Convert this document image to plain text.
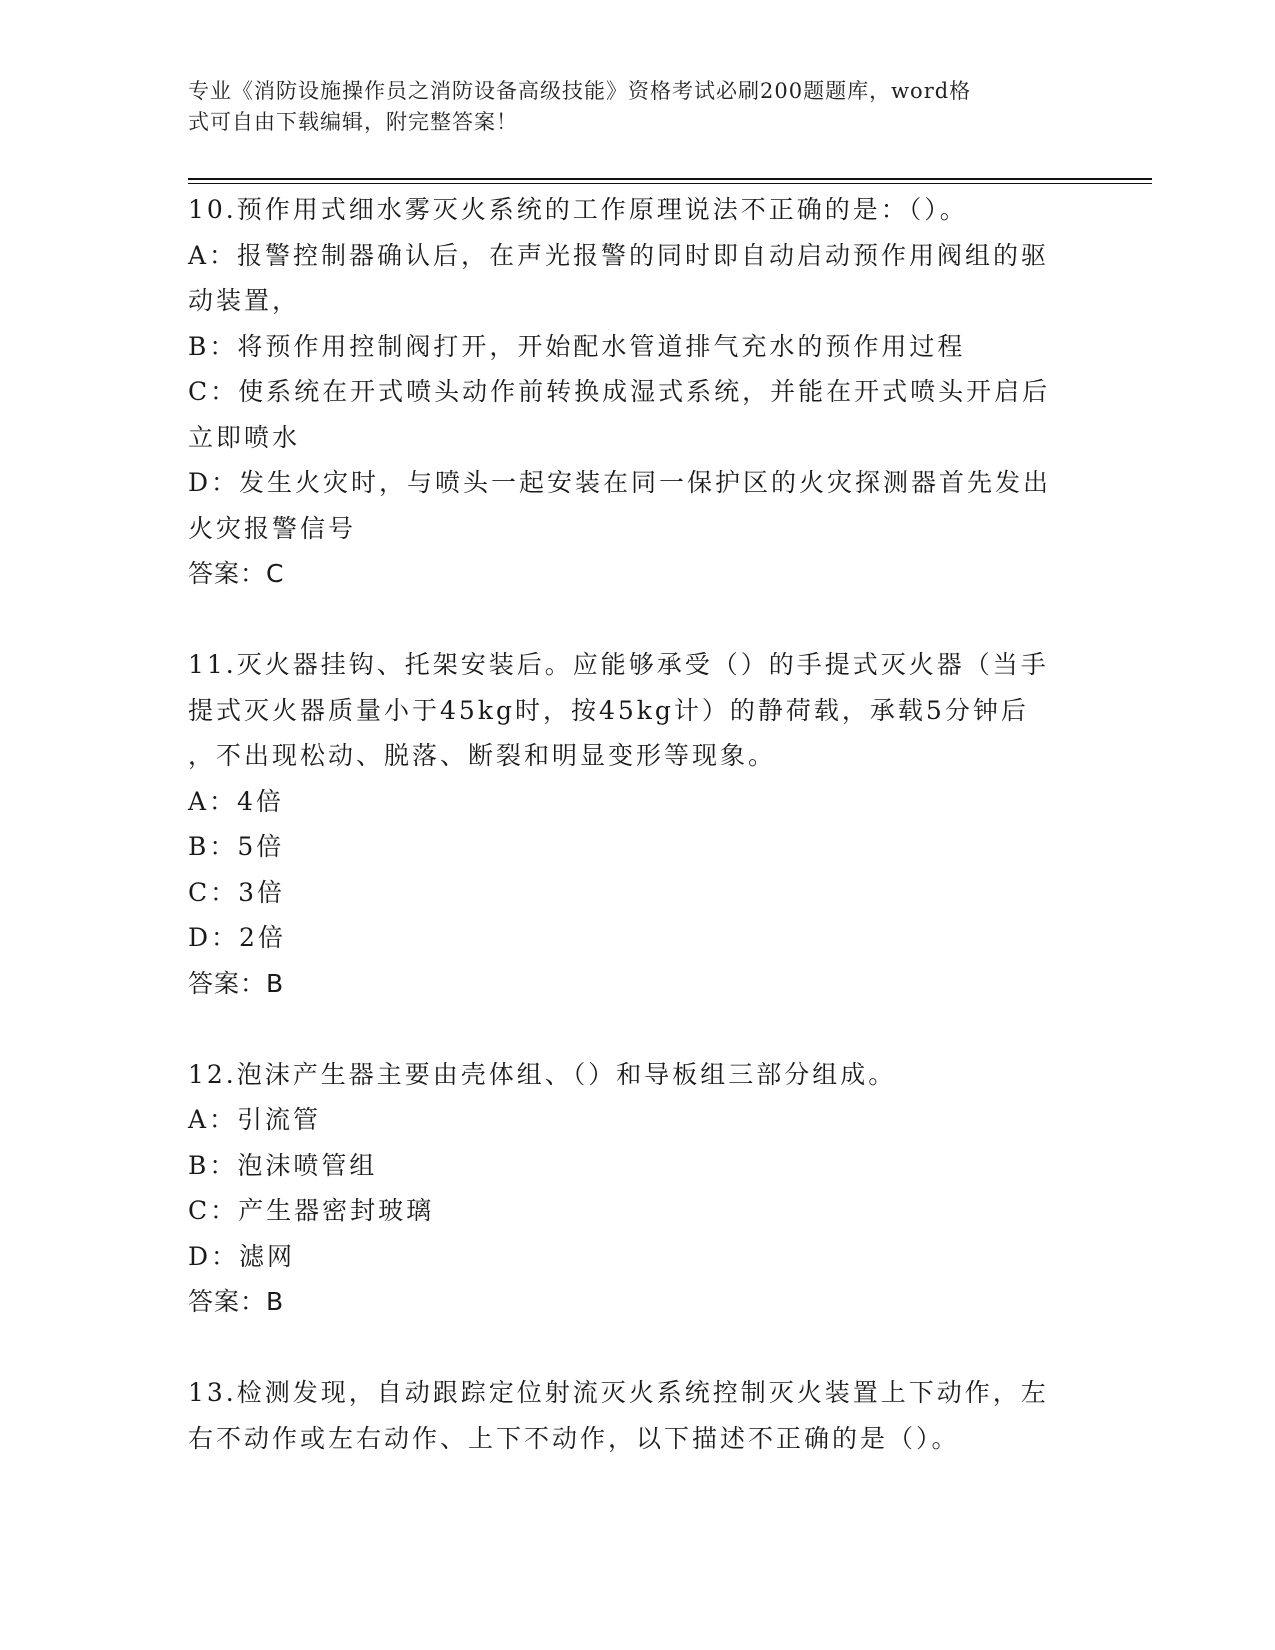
专业《消防设施操作员之消防设备高级技能》资格考试必刷200题题库，word格
式可自由下载编辑，附完整答案！
10.预作用式细水雾灭火系统的工作原理说法不正确的是：（）。
A：报警控制器确认后，在声光报警的同时即自动启动预作用阀组的驱
动装置，
B：将预作用控制阀打开，开始配水管道排气充水的预作用过程
C：使系统在开式喷头动作前转换成湿式系统，并能在开式喷头开启后
立即喷水
D：发生火灾时，与喷头一起安装在同一保护区的火灾探测器首先发出
火灾报警信号
答案：C
11.灭火器挂钩、托架安装后。应能够承受（）的手提式灭火器（当手
提式灭火器质量小于45kg时，按45kg计）的静荷载，承载5分钟后
，不出现松动、脱落、断裂和明显变形等现象。
A：4倍
B：5倍
C：3倍
D：2倍
答案：B
12.泡沫产生器主要由壳体组、（）和导板组三部分组成。
A：引流管
B：泡沫喷管组
C：产生器密封玻璃
D：滤网
答案：B
13.检测发现，自动跟踪定位射流灭火系统控制灭火装置上下动作，左
右不动作或左右动作、上下不动作，以下描述不正确的是（）。
